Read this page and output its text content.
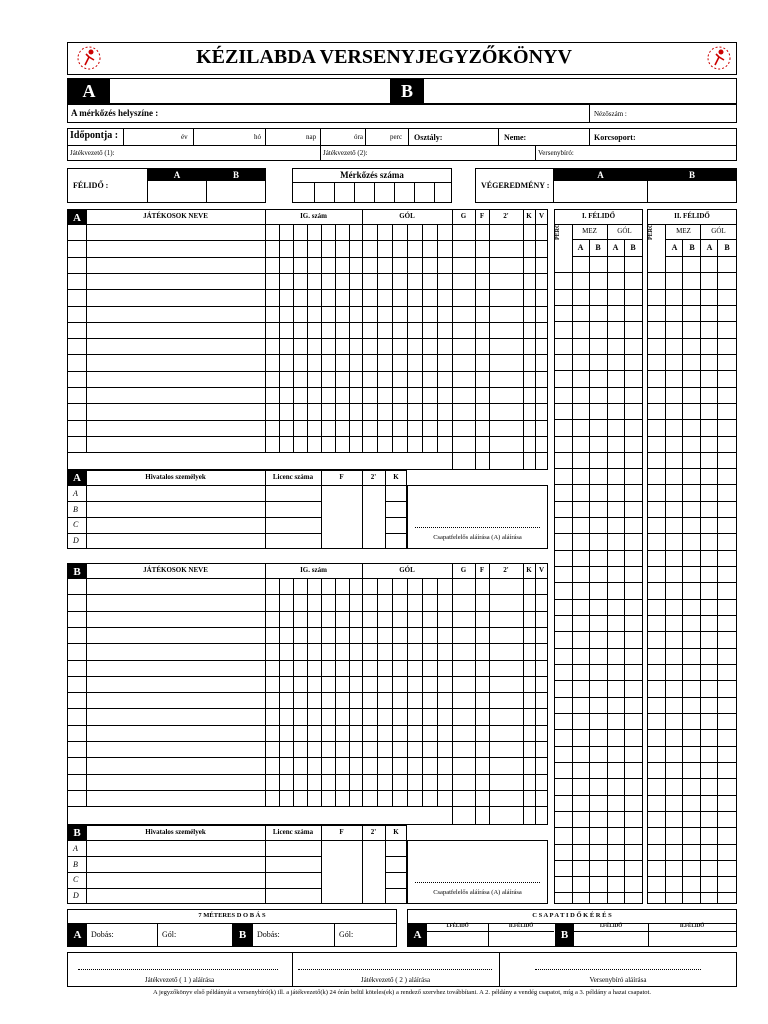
KÉZILABDA VERSENYJEGYZŐKÖNYV
A	B
A mérkőzés helyszíne :	Nézőszám :
Időpontja :	év	hó	nap	óra	perc Osztály:	Neme:	Korcsoport:
Játékvezető (1):	Játékvezető (2):	Versenybíró:
FÉLIDŐ :
A	B	Mérkőzés száma
VÉGEREDMÉNY :
A	B
A	JÁTÉKOSOK NEVE	IG. szám	GÓL	G	F	2'	K	V
A	Hivatalos személyek	Licenc száma	F	2'	K
A
B
C
D	Csapatfelelős aláírása (A) aláírása
B	JÁTÉKOSOK NEVE	IG. szám	GÓL	G	F	2'	K	V
B	Hivatalos személyek	Licenc száma	F	2'	K
A
B
C
D	Csapatfelelős aláírása (A) aláírása
I. FÉLIDŐ	II. FÉLIDŐ
PERC	PERC
MEZ	GÓL	MEZ	GÓL
A	B	A	B	A	B	A	B
7 MÉTERES D O B Á S
A	Dobás:	Gól:	B	Dobás:	Gól:
C S A P A T I D Ő K É R É S
A
I.FÉLIDŐ	II.FÉLIDŐ
B
I.FÉLIDŐ	II.FÉLIDŐ
Játékvezető ( 1 ) aláírása	Játékvezető ( 2 ) aláírása	Versenybíró aláírása
A jegyzőkönyv első példányát a versenybíró(k) ill. a játékvezető(k) 24 órán belül köteles(ek) a rendező szervhez továbbítani. A 2. példány a vendég csapatot, míg a 3. példány a hazai csapatot.
